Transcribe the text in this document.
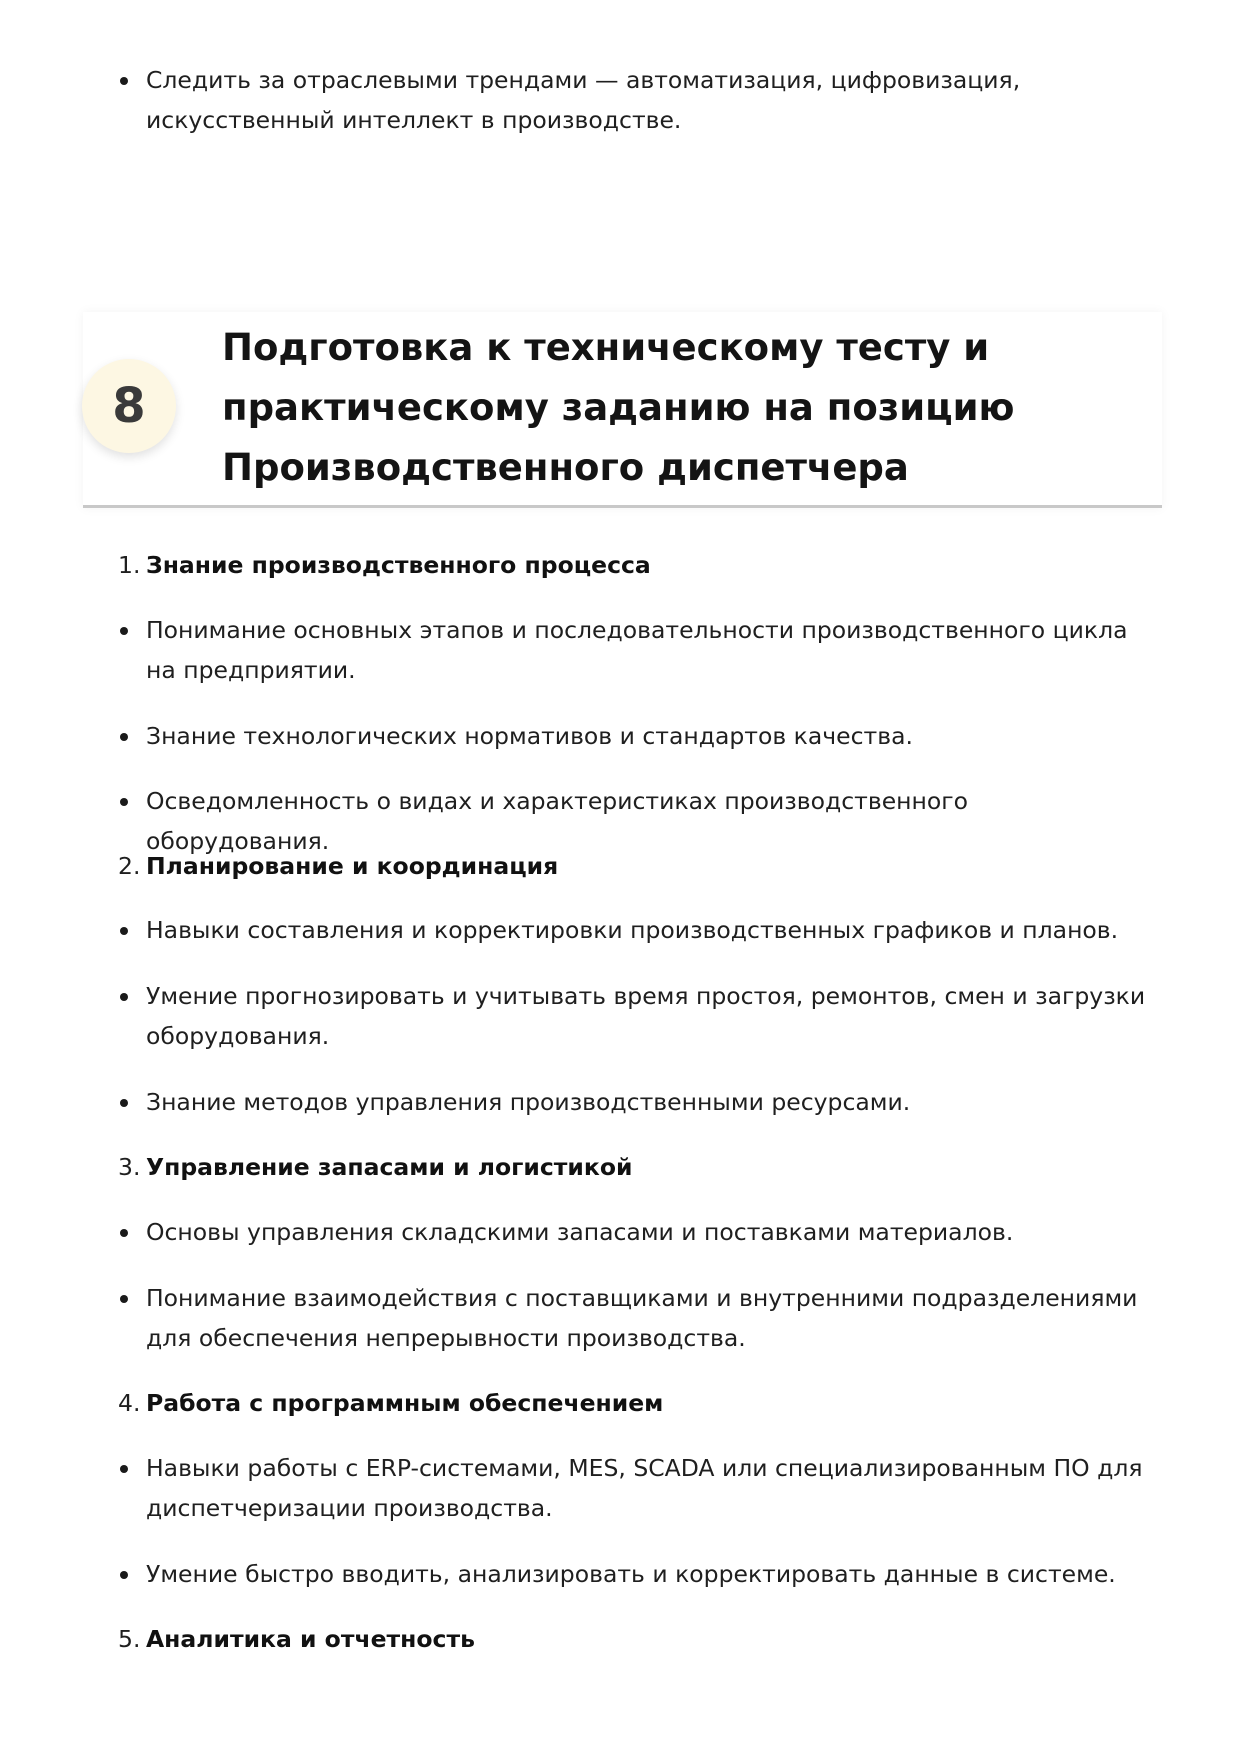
Следить за отраслевыми трендами — автоматизация, цифровизация, искусственный интеллект в производстве.
8
Подготовка к техническому тесту и практическому заданию на позицию Производственного диспетчера
1. Знание производственного процесса
Понимание основных этапов и последовательности производственного цикла на предприятии.
Знание технологических нормативов и стандартов качества.
Осведомленность о видах и характеристиках производственного оборудования.
2. Планирование и координация
Навыки составления и корректировки производственных графиков и планов.
Умение прогнозировать и учитывать время простоя, ремонтов, смен и загрузки оборудования.
Знание методов управления производственными ресурсами.
3. Управление запасами и логистикой
Основы управления складскими запасами и поставками материалов.
Понимание взаимодействия с поставщиками и внутренними подразделениями для обеспечения непрерывности производства.
4. Работа с программным обеспечением
Навыки работы с ERP-системами, MES, SCADA или специализированным ПО для диспетчеризации производства.
Умение быстро вводить, анализировать и корректировать данные в системе.
5. Аналитика и отчетность
